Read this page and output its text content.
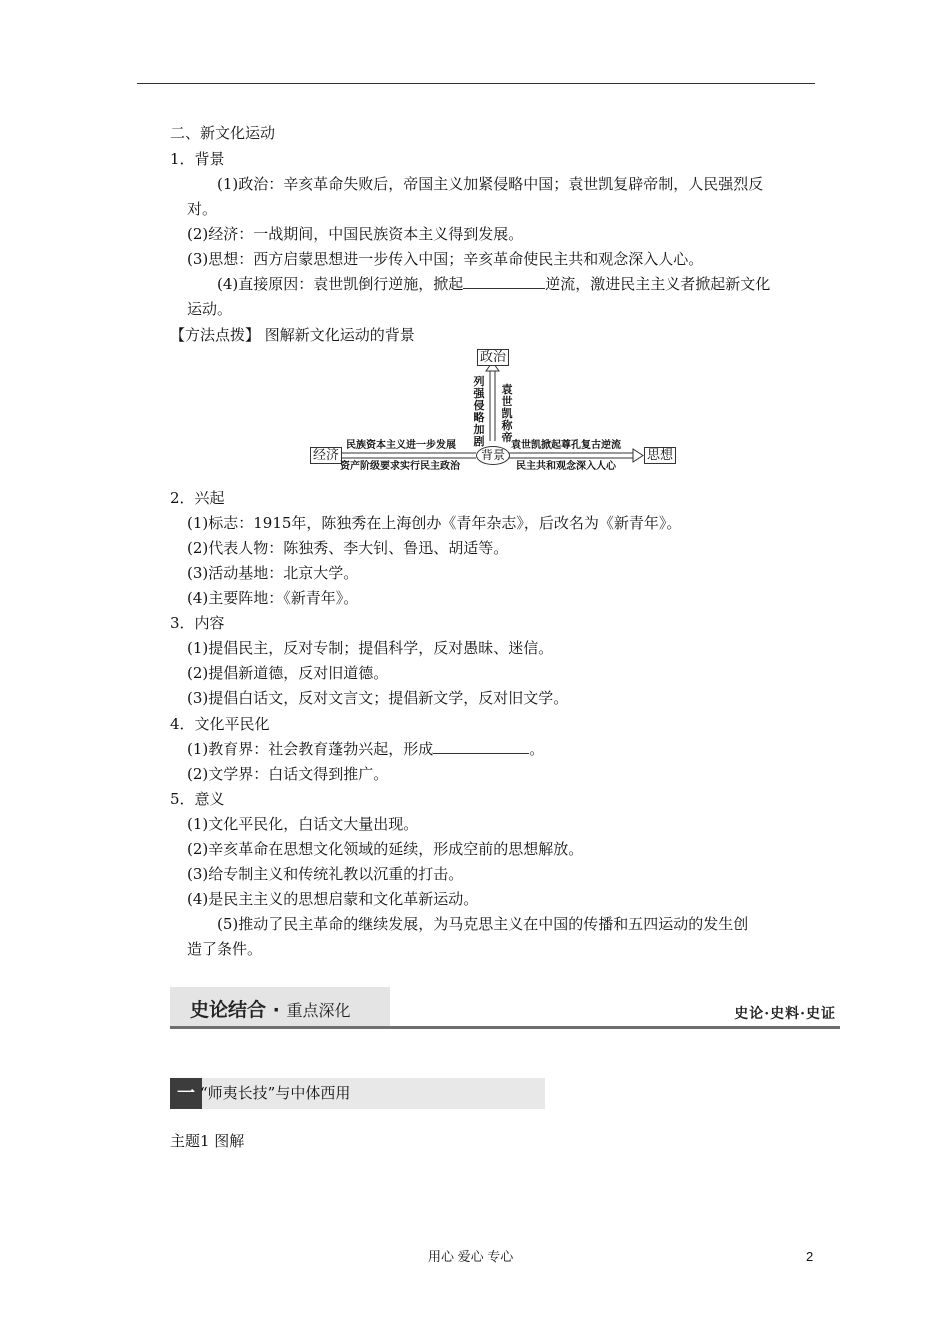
二、新文化运动
1．背景
(1)政治：辛亥革命失败后，帝国主义加紧侵略中国；袁世凯复辟帝制，人民强烈反
对。
(2)经济：一战期间，中国民族资本主义得到发展。
(3)思想：西方启蒙思想进一步传入中国；辛亥革命使民主共和观念深入人心。
(4)直接原因：袁世凯倒行逆施，掀起	逆流，激进民主主义者掀起新文化
运动。
【方法点拨】 图解新文化运动的背景
政治
经济	思想
背景
列强侵略加剧
袁世凯称帝
民族资本主义进一步发展
资产阶级要求实行民主政治
袁世凯掀起尊孔复古逆流
民主共和观念深入人心
2．兴起
(1)标志：1915年，陈独秀在上海创办《青年杂志》，后改名为《新青年》。
(2)代表人物：陈独秀、李大钊、鲁迅、胡适等。
(3)活动基地：北京大学。
(4)主要阵地：《新青年》。
3．内容
(1)提倡民主，反对专制；提倡科学，反对愚昧、迷信。
(2)提倡新道德，反对旧道德。
(3)提倡白话文，反对文言文；提倡新文学，反对旧文学。
4．文化平民化
(1)教育界：社会教育蓬勃兴起，形成	。
(2)文学界：白话文得到推广。
5．意义
(1)文化平民化，白话文大量出现。
(2)辛亥革命在思想文化领域的延续，形成空前的思想解放。
(3)给专制主义和传统礼教以沉重的打击。
(4)是民主主义的思想启蒙和文化革新运动。
(5)推动了民主革命的继续发展，为马克思主义在中国的传播和五四运动的发生创
造了条件。
史论结合 · 重点深化	史论·史料·史证
一 “师夷长技”与中体西用
主题1 图解
用心 爱心 专心	2
